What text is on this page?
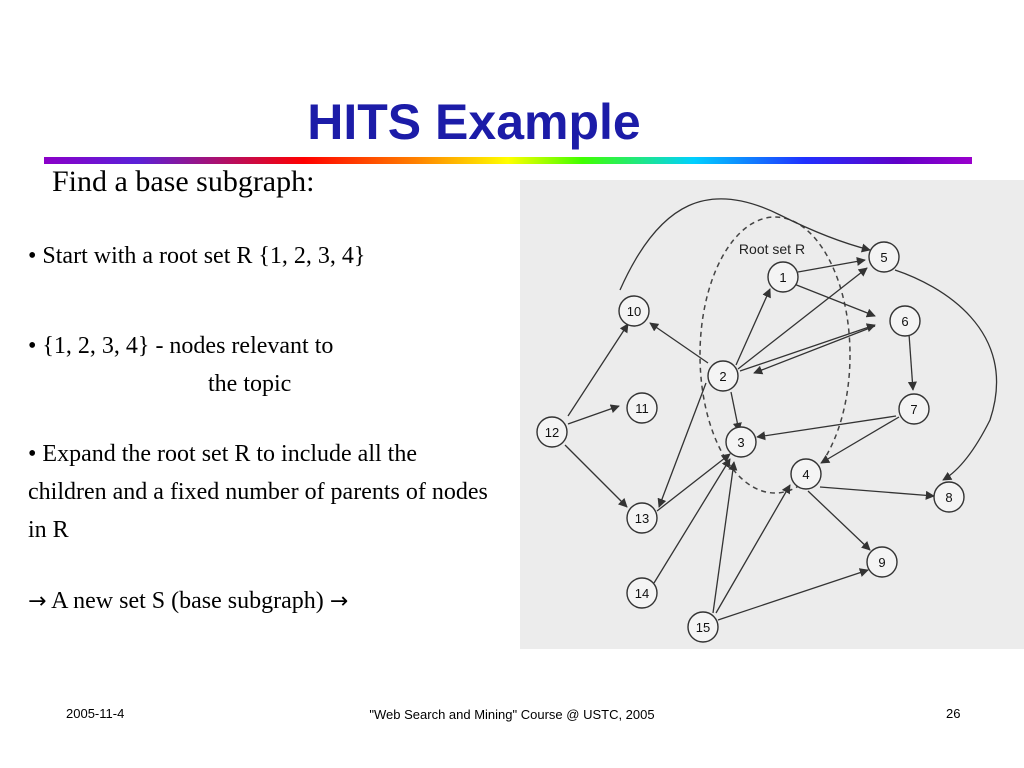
HITS Example
Find a base subgraph:
• Start with a root set R {1, 2, 3, 4}
• {1, 2, 3, 4} - nodes relevant to
the topic
• Expand the root set R to include all the children and a fixed number of parents of nodes in R
→ A new set S (base subgraph) →
Root set R
1
2
3
4
5
6
7
8
9
10
11
12
13
14
15
2005-11-4	"Web Search and Mining" Course @ USTC, 2005	26
